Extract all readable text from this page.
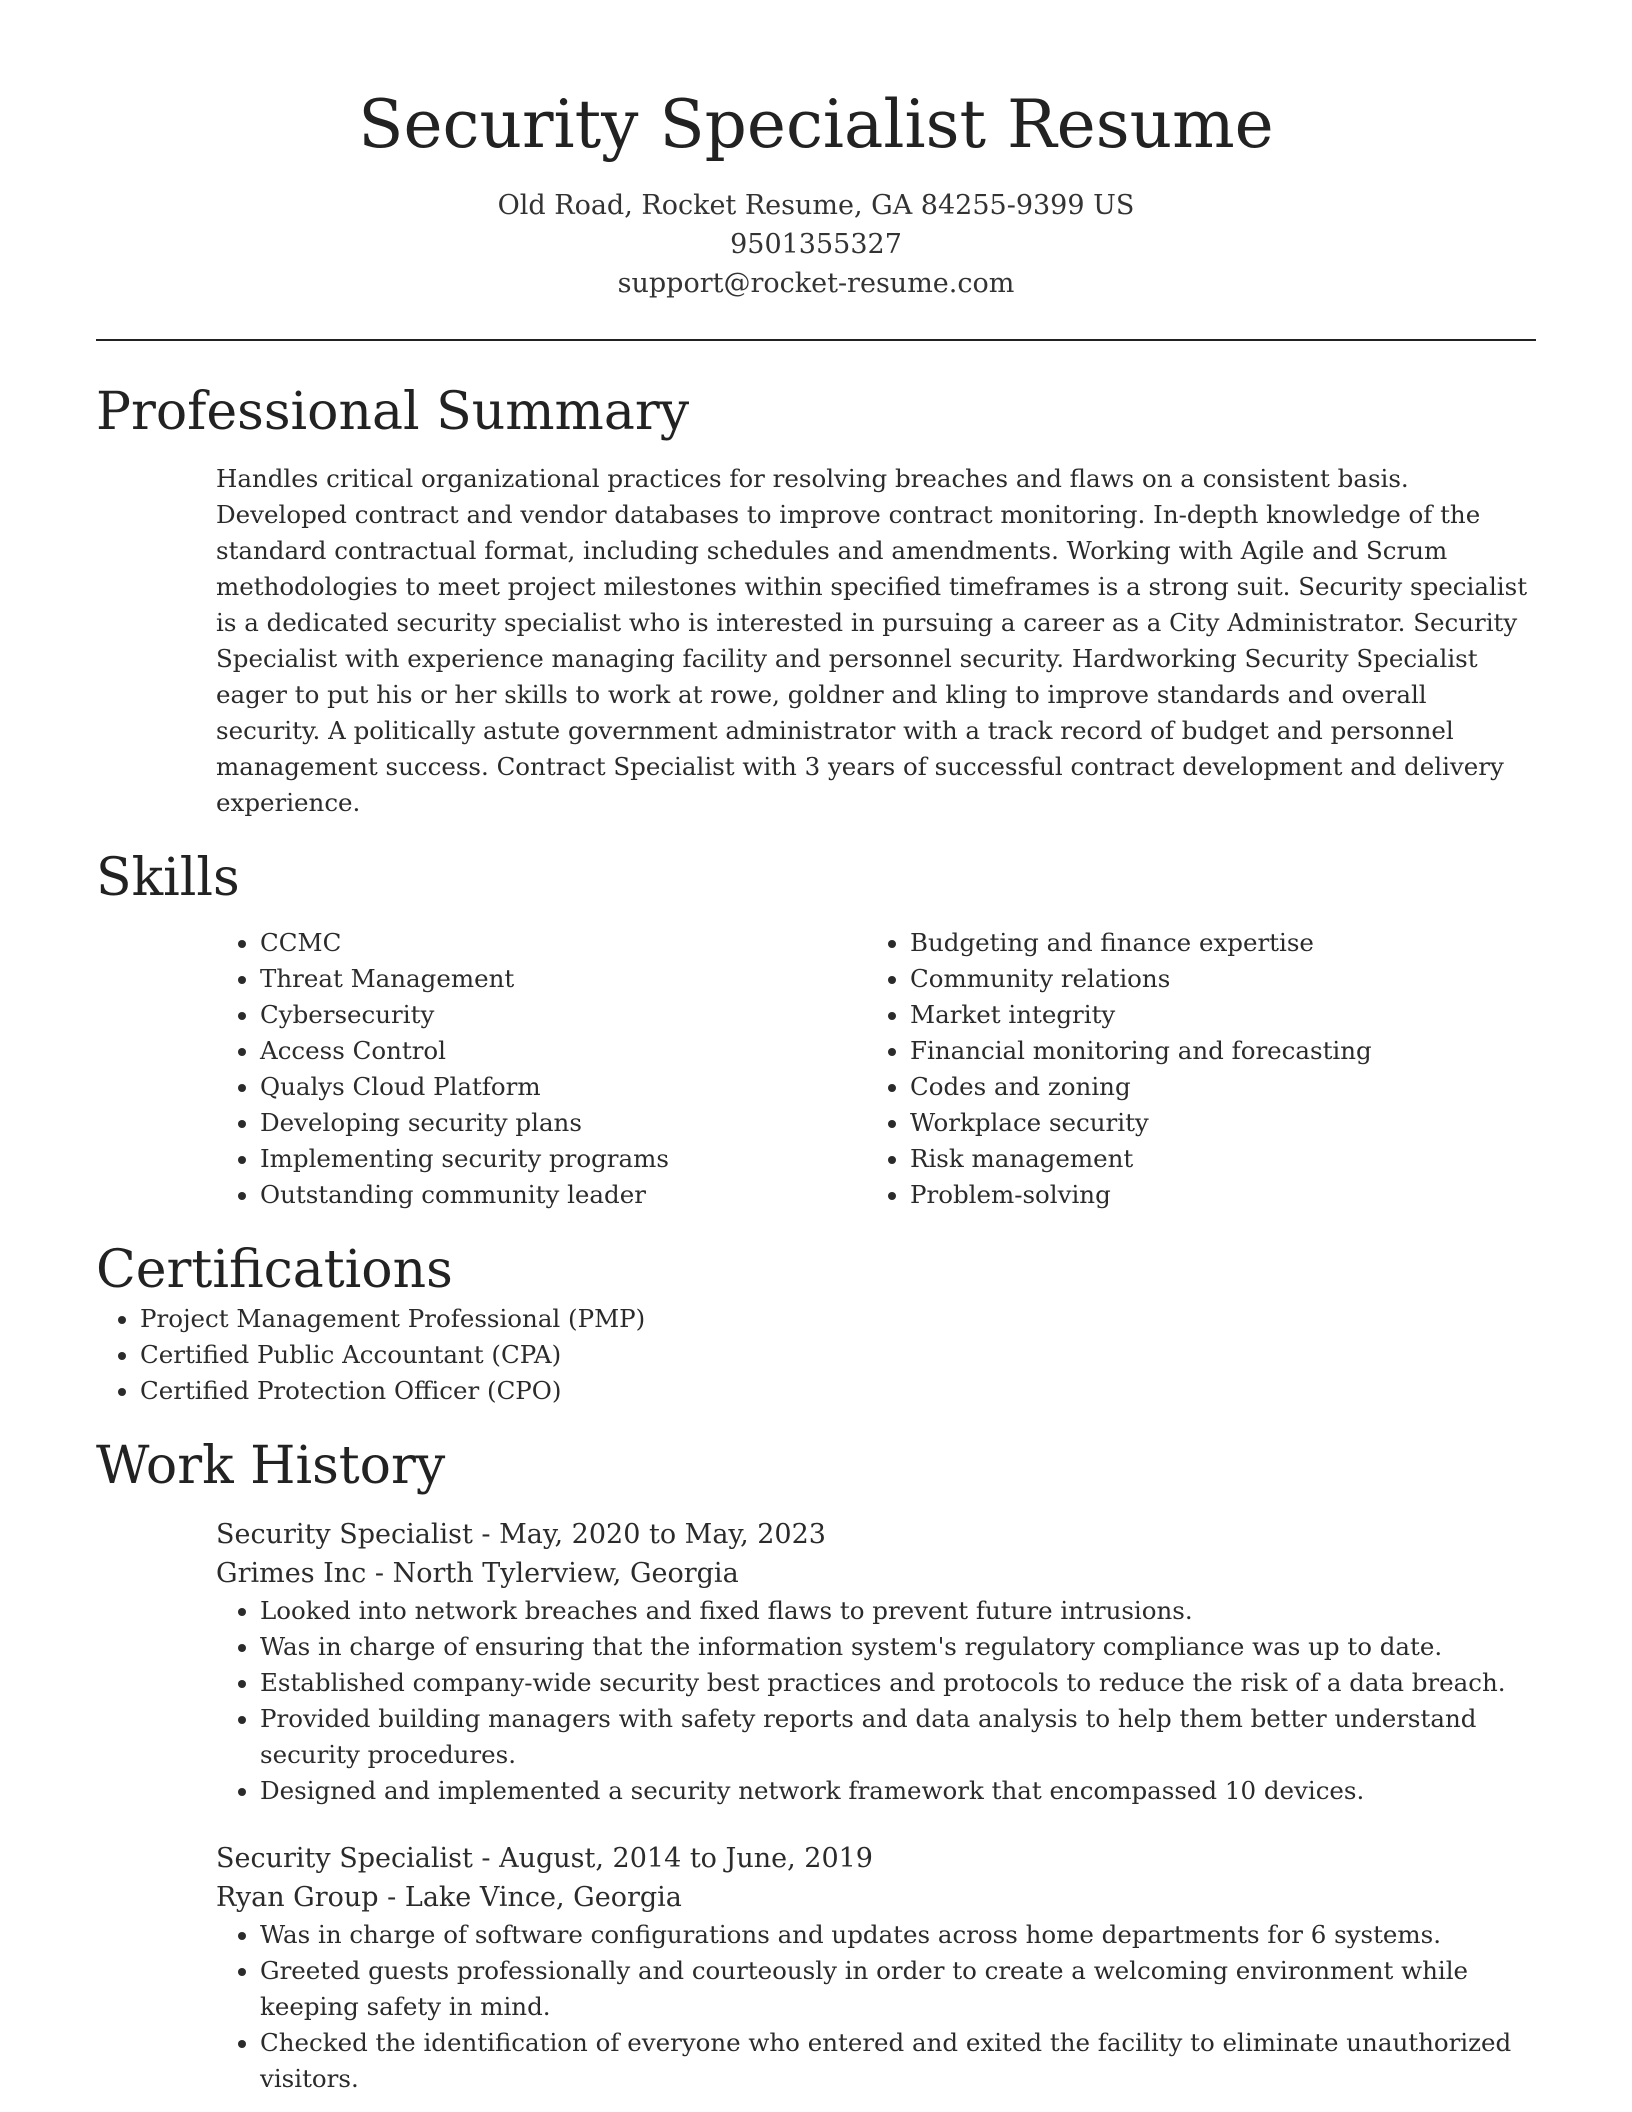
Security Specialist Resume
Old Road, Rocket Resume, GA 84255-9399 US
9501355327
support@rocket-resume.com
Professional Summary

Handles critical organizational practices for resolving breaches and flaws on a consistent basis. Developed contract and vendor databases to improve contract monitoring. In-depth knowledge of the standard contractual format, including schedules and amendments. Working with Agile and Scrum methodologies to meet project milestones within specified timeframes is a strong suit. Security specialist is a dedicated security specialist who is interested in pursuing a career as a City Administrator. Security Specialist with experience managing facility and personnel security. Hardworking Security Specialist eager to put his or her skills to work at rowe, goldner and kling to improve standards and overall security. A politically astute government administrator with a track record of budget and personnel management success. Contract Specialist with 3 years of successful contract development and delivery experience.

Skills
• CCMC
• Threat Management
• Cybersecurity
• Access Control
• Qualys Cloud Platform
• Developing security plans
• Implementing security programs
• Outstanding community leader
• Budgeting and finance expertise
• Community relations
• Market integrity
• Financial monitoring and forecasting
• Codes and zoning
• Workplace security
• Risk management
• Problem-solving
Certifications
• Project Management Professional (PMP)
• Certified Public Accountant (CPA)
• Certified Protection Officer (CPO)
Work History
Security Specialist - May, 2020 to May, 2023
Grimes Inc - North Tylerview, Georgia
• Looked into network breaches and fixed flaws to prevent future intrusions.
• Was in charge of ensuring that the information system's regulatory compliance was up to date.
• Established company-wide security best practices and protocols to reduce the risk of a data breach.
• Provided building managers with safety reports and data analysis to help them better understand security procedures.
• Designed and implemented a security network framework that encompassed 10 devices.
Security Specialist - August, 2014 to June, 2019
Ryan Group - Lake Vince, Georgia
• Was in charge of software configurations and updates across home departments for 6 systems.
• Greeted guests professionally and courteously in order to create a welcoming environment while keeping safety in mind.
• Checked the identification of everyone who entered and exited the facility to eliminate unauthorized visitors.
